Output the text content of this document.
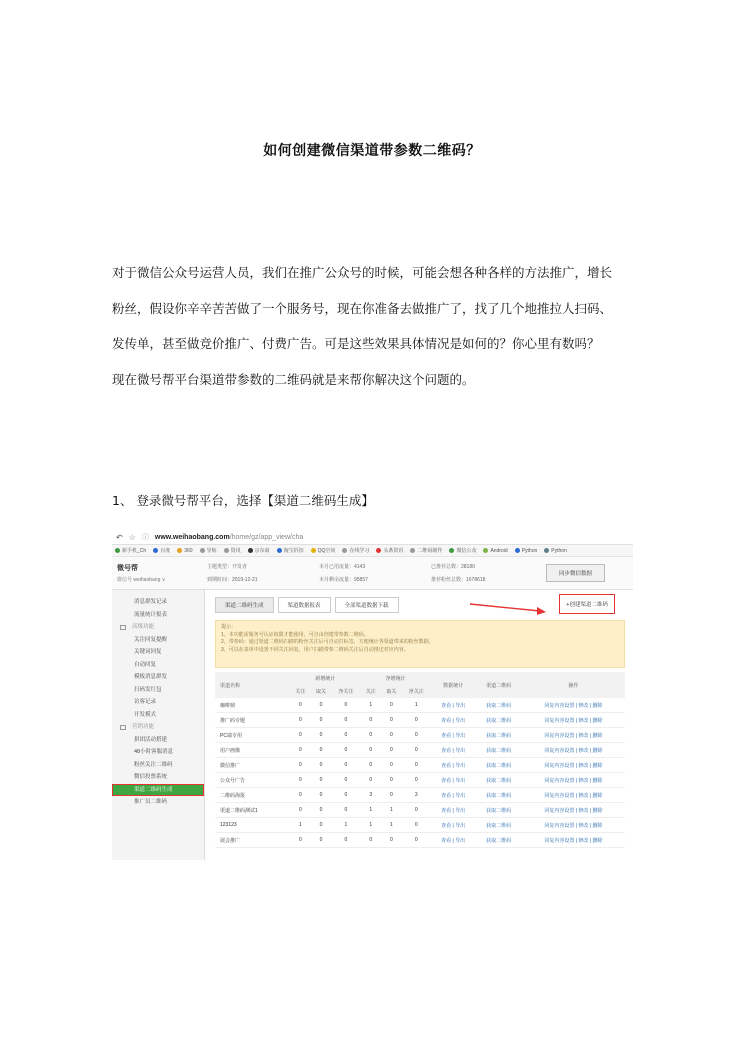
如何创建微信渠道带参数二维码？
对于微信公众号运营人员，我们在推广公众号的时候，可能会想各种各样的方法推广，增长
粉丝，假设你辛辛苦苦做了一个服务号，现在你准备去做推广了，找了几个地推拉人扫码、
发传单，甚至做竞价推广、付费广告。可是这些效果具体情况是如何的？你心里有数吗？
现在微号帮平台渠道带参数的二维码就是来帮你解决这个问题的。
1、 登录微号帮平台，选择【渠道二维码生成】
↶ ☆ ⓘ www.weihaobang.com/home/gz/app_view/cha
新手机_Ch	百度	360	导航	资讯	京东商	淘宝折扣	QQ空间	在线学习	头条资讯	二维码制作	微信公众	Android	Python	Python
微号帮
微信号 weihaobang ∨
主题类型：开发者	本月已用流量：4143	已推荐总数：28180
到期时间：2019-12-21	本月剩余流量：95857	推荐粉丝总数：1678618
同步微信数据
消息群发记录
流量统计报表
高级功能
关注回复提醒
关键词回复
自动回复
模板消息群发
扫码发红包
访客记录
开发模式
营销功能
拼团活动搭建
48小时客服消息
粉丝关注二维码
微信投票系统
渠道二维码生成
推广员二维码
渠道二维码生成	渠道数据报表	全部渠道数据下载	+创建渠道二维码
提示：
1、本功能需服务号认证权限才能使用，可自由创建带参数二维码。
2、带参码：通过渠道二维码扫描的粉丝关注后可自动打标签，方便统计各渠道带来的粉丝数据。
3、可以在菜单中设置不同关注回复，用户扫描带参二维码关注后自动推送对应内容。
渠道名称	新增统计			净增统计			数据统计	渠道二维码	操作
	关注	取关	净关注	关注	取关	净关注			
咖啡鼎	0	0	0	1	0	1	查看 | 导出	获取二维码	回复内容设置 | 修改 | 删除
推广码专题	0	0	0	0	0	0	查看 | 导出	获取二维码	回复内容设置 | 修改 | 删除
PC端专用	0	0	0	0	0	0	查看 | 导出	获取二维码	回复内容设置 | 修改 | 删除
用户画像	0	0	0	0	0	0	查看 | 导出	获取二维码	回复内容设置 | 修改 | 删除
微信推广	0	0	0	0	0	0	查看 | 导出	获取二维码	回复内容设置 | 修改 | 删除
公众号广告	0	0	0	0	0	0	查看 | 导出	获取二维码	回复内容设置 | 修改 | 删除
二维码海报	0	0	0	3	0	3	查看 | 导出	获取二维码	回复内容设置 | 修改 | 删除
渠道二维码测试1	0	0	0	1	1	0	查看 | 导出	获取二维码	回复内容设置 | 修改 | 删除
123123	1	0	1	1	1	0	查看 | 导出	获取二维码	回复内容设置 | 修改 | 删除
展会推广	0	0	0	0	0	0	查看 | 导出	获取二维码	回复内容设置 | 修改 | 删除
